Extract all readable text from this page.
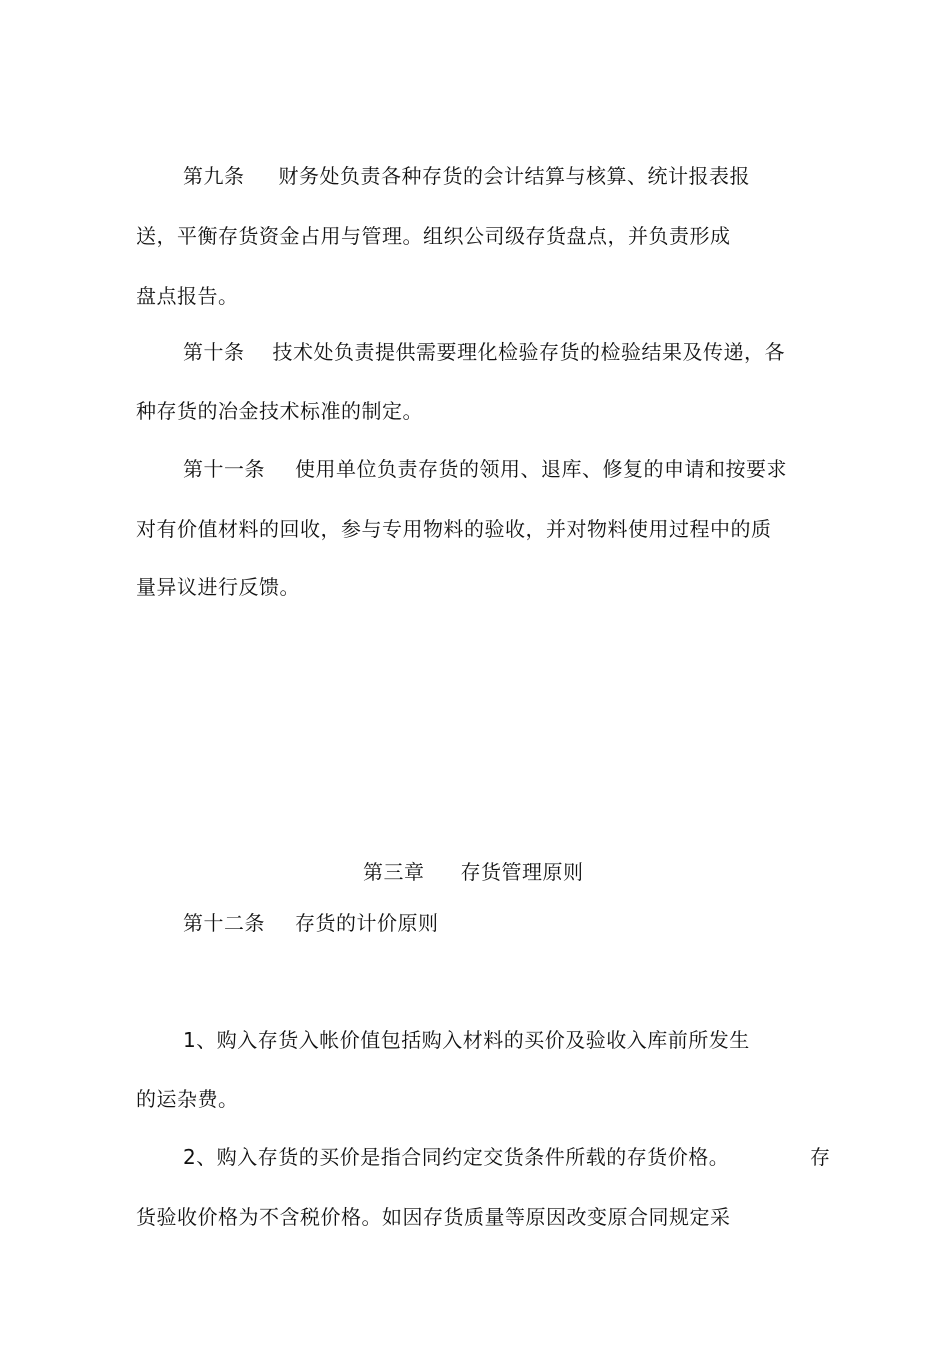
第九条 财务处负责各种存货的会计结算与核算、统计报表报
送，平衡存货资金占用与管理。组织公司级存货盘点，并负责形成
盘点报告。
第十条 技术处负责提供需要理化检验存货的检验结果及传递，各
种存货的冶金技术标准的制定。
第十一条 使用单位负责存货的领用、退库、修复的申请和按要求
对有价值材料的回收，参与专用物料的验收，并对物料使用过程中的质
量异议进行反馈。
第三章 存货管理原则
第十二条 存货的计价原则
1、购入存货入帐价值包括购入材料的买价及验收入库前所发生
的运杂费。
2、购入存货的买价是指合同约定交货条件所载的存货价格。	存
货验收价格为不含税价格。如因存货质量等原因改变原合同规定采
